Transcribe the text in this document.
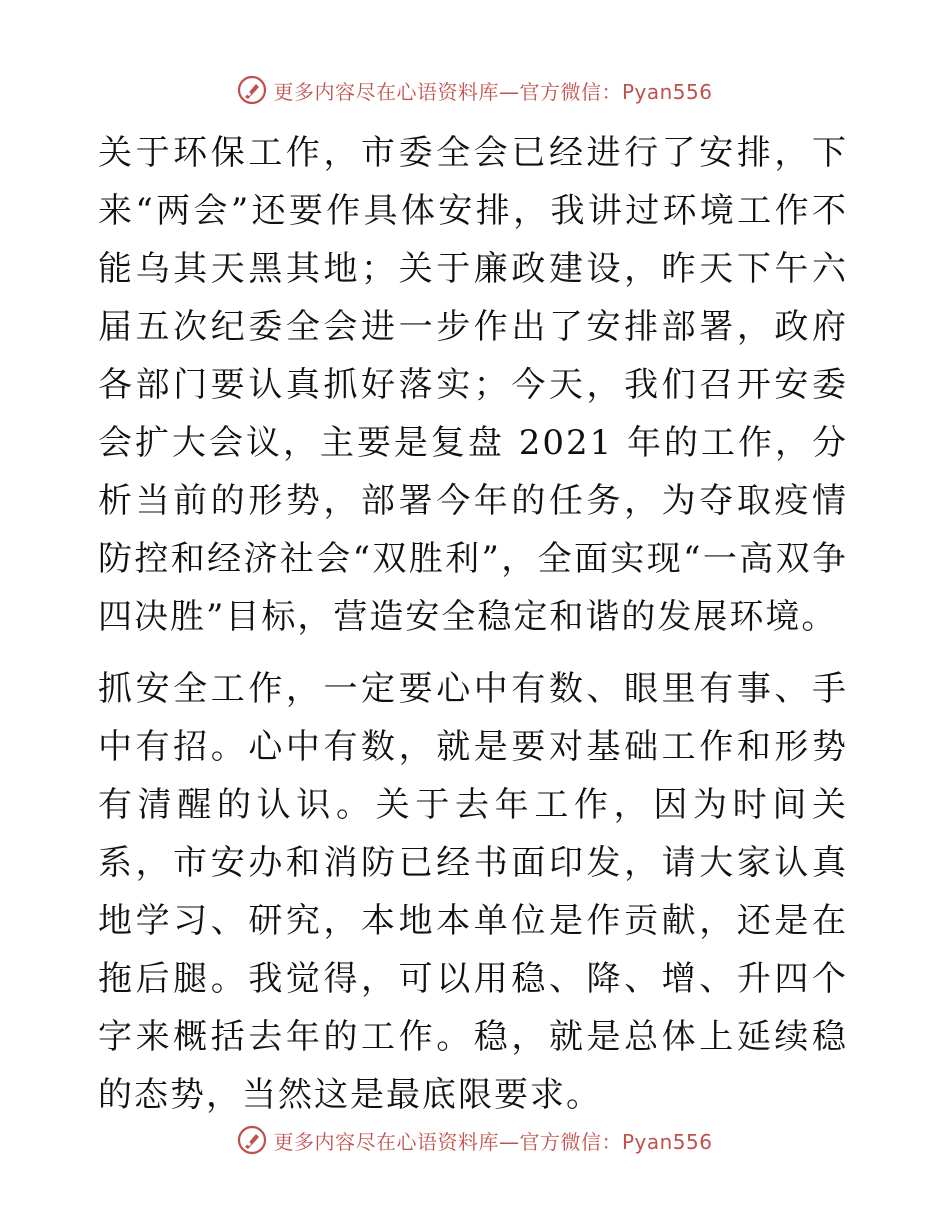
更多内容尽在心语资料库—官方微信：Pyan556

关于环保工作，市委全会已经进行了安排，下来“两会”还要作具体安排，我讲过环境工作不能乌其天黑其地；关于廉政建设，昨天下午六届五次纪委全会进一步作出了安排部署，政府各部门要认真抓好落实；今天，我们召开安委会扩大会议，主要是复盘 2021 年的工作，分析当前的形势，部署今年的任务，为夺取疫情防控和经济社会“双胜利”，全面实现“一高双争四决胜”目标，营造安全稳定和谐的发展环境。

抓安全工作，一定要心中有数、眼里有事、手中有招。心中有数，就是要对基础工作和形势有清醒的认识。关于去年工作，因为时间关系，市安办和消防已经书面印发，请大家认真地学习、研究，本地本单位是作贡献，还是在拖后腿。我觉得，可以用稳、降、增、升四个字来概括去年的工作。稳，就是总体上延续稳的态势，当然这是最底限要求。

更多内容尽在心语资料库—官方微信：Pyan556
